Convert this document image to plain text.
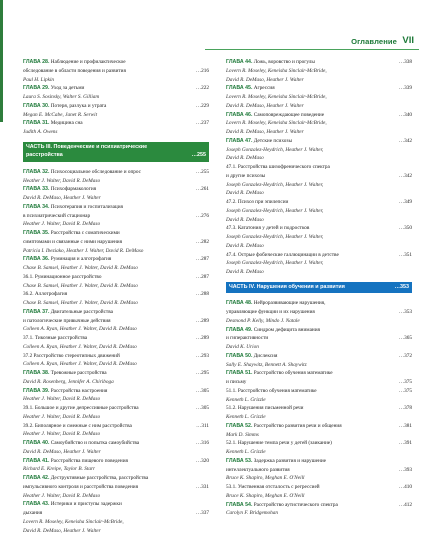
Оглавление VII
ГЛАВА 28. Наблюдение и профилактическое
…216
обследование в области поведения и развития
Paul H. Lipkin
…222
ГЛАВА 29. Уход за детьми
Laura S. Sosinsky, Walter S. Gilliam
…229
ГЛАВА 30. Потеря, разлука и утрата
Megan E. McCabe, Janet R. Serwit
…237
ГЛАВА 31. Медицина сна
Judith A. Owens
ЧАСТЬ III. Поведенческие и психиатрические
…255
расстройства
…255
ГЛАВА 32. Психосоциальное обследование и опрос
Heather J. Walter, David R. DeMaso
…261
ГЛАВА 33. Психофармакология
David R. DeMaso, Heather J. Walter
ГЛАВА 34. Психотерапия и госпитализация
…276
в психиатрический стационар
Heather J. Walter, David R. DeMaso
ГЛАВА 35. Расстройства с соматическими
…282
симптомами и связанные с ними нарушения
Patricia I. Ibeziako, Heather J. Walter, David R. DeMaso
…287
ГЛАВА 36. Руминация и алготрофагия
Chase B. Samsel, Heather J. Walter, David R. DeMaso
…287
36.1. Руминационное расстройство
Chase B. Samsel, Heather J. Walter, David R. DeMaso
…288
36.2. Аллотрофагия
Chase B. Samsel, Heather J. Walter, David R. DeMaso
ГЛАВА 37. Двигательные расстройства
…289
и патологические привычные действия
Colleen A. Ryan, Heather J. Walter, David R. DeMaso
…289
37.1. Тикозные расстройства
Colleen A. Ryan, Heather J. Walter, David R. DeMaso
…293
37.2 Расстройство стереотипных движений
Colleen A. Ryan, Heather J. Walter, David R. DeMaso
…295
ГЛАВА 38. Тревожные расстройства
David R. Rosenberg, Jennifer A. Chiriboga
…305
ГЛАВА 39. Расстройства настроения
Heather J. Walter, David R. DeMaso
…305
39.1. Большое и другие депрессивные расстройства
Heather J. Walter, David R. DeMaso
…311
39.2. Биполярное и смежные с ним расстройства
Heather J. Walter, David R. DeMaso
…316
ГЛАВА 40. Самоубийство и попытка самоубийства
David R. DeMaso, Heather J. Walter
…320
ГЛАВА 41. Расстройства пищевого поведения
Richard E. Kreipe, Taylor B. Starr
ГЛАВА 42. Деструктивные расстройства, расстройства
…331
импульсивного контроля и расстройства поведения
Heather J. Walter, David R. DeMaso
ГЛАВА 43. Истерики и приступы задержки
…337
дыхания
Lovern R. Moseley, Keneisha Sinclair-McBride,
David R. DeMaso, Heather J. Walter
…338
ГЛАВА 44. Ложь, воровство и прогулы
Lovern R. Moseley, Keneisha Sinclair-McBride,
David R. DeMaso, Heather J. Walter
…339
ГЛАВА 45. Агрессия
Lovern R. Moseley, Keneisha Sinclair-McBride,
David R. DeMaso, Heather J. Walter
…340
ГЛАВА 46. Самоповреждающее поведение
Lovern R. Moseley, Keneisha Sinclair-McBride,
David R. DeMaso, Heather J. Walter
…342
ГЛАВА 47. Детские психозы
Joseph Gonzalez-Heydrich, Heather J. Walter,
David R. DeMaso
47.1. Расстройства шизофренического спектра
…342
и другие психозы
Joseph Gonzalez-Heydrich, Heather J. Walter,
David R. DeMaso
…349
47.2. Психоз при эпилепсии
Joseph Gonzalez-Heydrich, Heather J. Walter,
David R. DeMaso
…350
47.3. Кататония у детей и подростков
Joseph Gonzalez-Heydrich, Heather J. Walter,
David R. DeMaso
…351
47.4. Острые фобические галлюцинации в детстве
Joseph Gonzalez-Heydrich, Heather J. Walter,
David R. DeMaso
…353
ЧАСТЬ IV. Нарушения обучения и развития
ГЛАВА 48. Нейроразвивающие нарушения,
…353
управляющие функции и их нарушения
Desmond P. Kelly, Mindo J. Natale
ГЛАВА 49. Синдром дефицита внимания
…365
и гиперактивности
David K. Urion
…372
ГЛАВА 50. Дислексия
Sally E. Shaywitz, Bennett A. Shaywitz
ГЛАВА 51. Расстройство обучения математике
…375
и письму
…375
51.1. Расстройство обучения математике
Kenneth L. Grizzle
…378
51.2. Нарушения письменной речи
Kenneth L. Grizzle
…381
ГЛАВА 52. Расстройство развития речи и общения
Mark D. Simms
…391
52.1. Нарушение темпа речи у детей (заикание)
Kenneth L. Grizzle
ГЛАВА 53. Задержка развития и нарушение
…393
интеллектуального развития
Bruce K. Shapiro, Meghan E. O'Neill
…410
53.1. Умственная отсталость с регрессией
Bruce K. Shapiro, Meghan E. O'Neill
…412
ГЛАВА 54. Расстройство аутистического спектра
Carolyn F. Bridgemohan
